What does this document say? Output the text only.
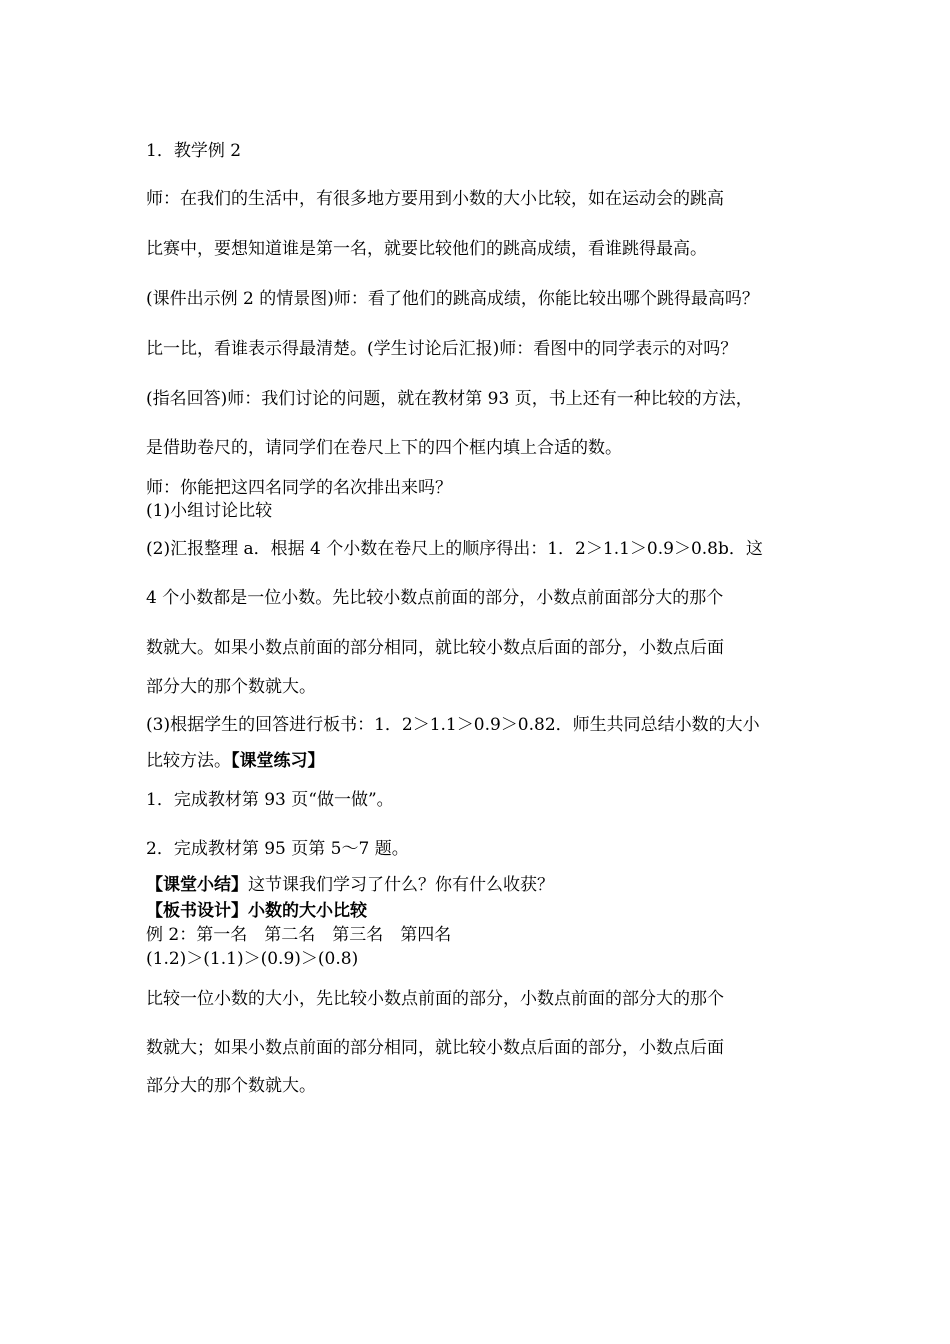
1．教学例 2

师：在我们的生活中，有很多地方要用到小数的大小比较，如在运动会的跳高

比赛中，要想知道谁是第一名，就要比较他们的跳高成绩，看谁跳得最高。

(课件出示例 2 的情景图)师：看了他们的跳高成绩，你能比较出哪个跳得最高吗？

比一比，看谁表示得最清楚。(学生讨论后汇报)师：看图中的同学表示的对吗？

(指名回答)师：我们讨论的问题，就在教材第 93 页，书上还有一种比较的方法，

是借助卷尺的，请同学们在卷尺上下的四个框内填上合适的数。

师：你能把这四名同学的名次排出来吗？

(1)小组讨论比较

(2)汇报整理 a．根据 4 个小数在卷尺上的顺序得出：1．2＞1.1＞0.9＞0.8b．这

4 个小数都是一位小数。先比较小数点前面的部分，小数点前面部分大的那个

数就大。如果小数点前面的部分相同，就比较小数点后面的部分，小数点后面

部分大的那个数就大。

(3)根据学生的回答进行板书：1．2＞1.1＞0.9＞0.82．师生共同总结小数的大小

比较方法。【课堂练习】

1．完成教材第 93 页“做一做”。

2．完成教材第 95 页第 5～7 题。

【课堂小结】这节课我们学习了什么？你有什么收获？

【板书设计】小数的大小比较

例 2：第一名　第二名　第三名　第四名

(1.2)＞(1.1)＞(0.9)＞(0.8)

比较一位小数的大小，先比较小数点前面的部分，小数点前面的部分大的那个

数就大；如果小数点前面的部分相同，就比较小数点后面的部分，小数点后面

部分大的那个数就大。
